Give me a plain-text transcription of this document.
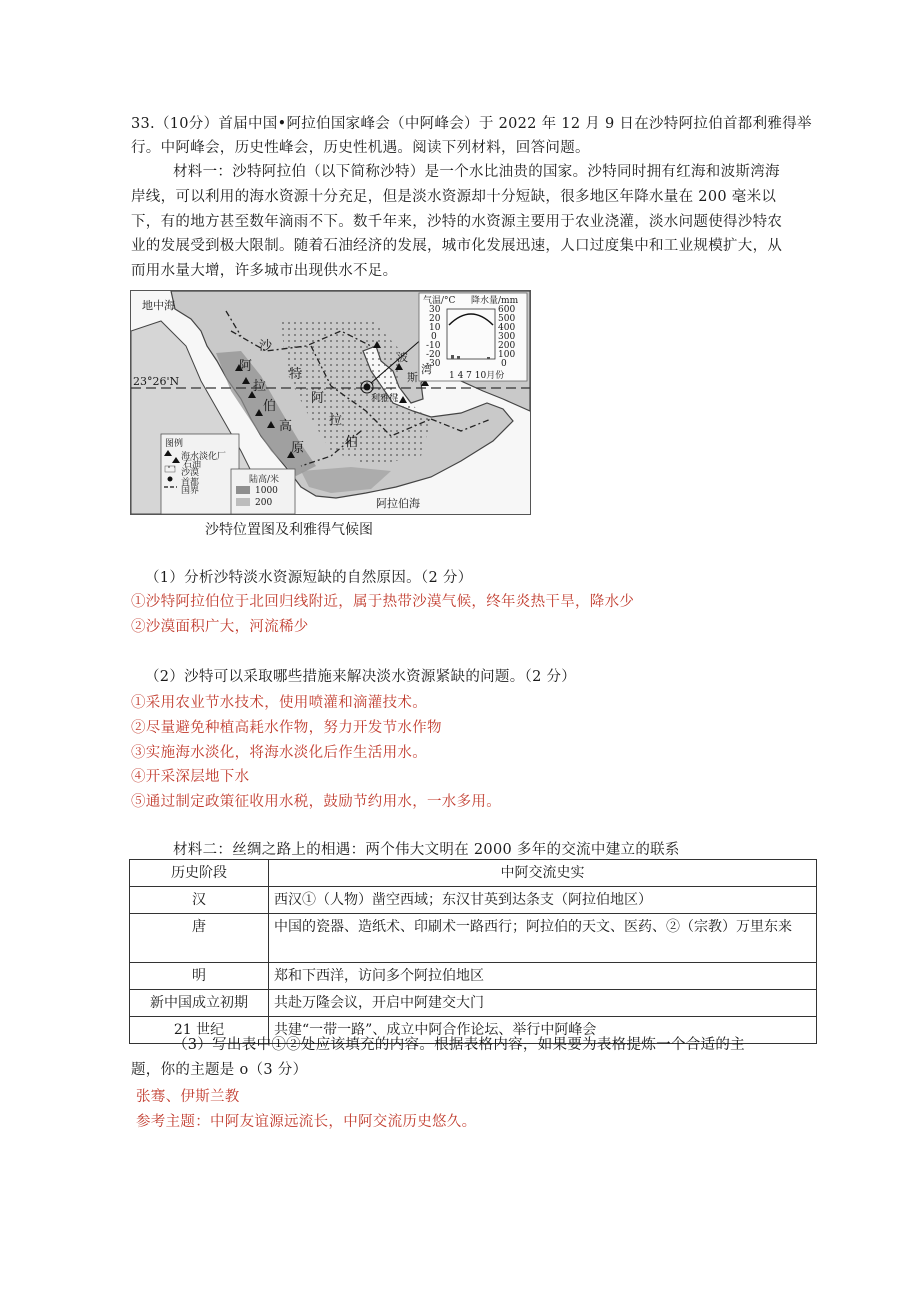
33.（10分）首届中国•阿拉伯国家峰会（中阿峰会）于 2022 年 12 月 9 日在沙特阿拉伯首都利雅得举
行。中阿峰会，历史性峰会，历史性机遇。阅读下列材料，回答问题。
材料一：沙特阿拉伯（以下简称沙特）是一个水比油贵的国家。沙特同时拥有红海和波斯湾海
岸线，可以利用的海水资源十分充足，但是淡水资源却十分短缺，很多地区年降水量在 200 毫米以
下，有的地方甚至数年滴雨不下。数千年来，沙特的水资源主要用于农业浇灌，淡水问题使得沙特农
业的发展受到极大限制。随着石油经济的发展，城市化发展迅速，人口过度集中和工业规模扩大，从
而用水量大增，许多城市出现供水不足。
地中海
23°26'N
阿拉伯海
沙
特
阿
拉
伯
阿
拉
伯
高
原
波
斯
湾
利雅得
气温/°C 降水量/mm
30
20
10
0
-10
-20
-30
600
500
400
300
200
100
0
1 4 7 10月份
图例
海水淡化厂
石油
沙漠
首都
国界
陆高/米
1000
200
沙特位置图及利雅得气候图
（1）分析沙特淡水资源短缺的自然原因。（2 分）
①沙特阿拉伯位于北回归线附近，属于热带沙漠气候，终年炎热干旱，降水少
②沙漠面积广大，河流稀少
（2）沙特可以采取哪些措施来解决淡水资源紧缺的问题。（2 分）
①采用农业节水技术，使用喷灌和滴灌技术。
②尽量避免种植高耗水作物，努力开发节水作物
③实施海水淡化，将海水淡化后作生活用水。
④开采深层地下水
⑤通过制定政策征收用水税，鼓励节约用水，一水多用。
材料二：丝绸之路上的相遇：两个伟大文明在 2000 多年的交流中建立的联系
历史阶段	中阿交流史实
汉	西汉①（人物）凿空西域；东汉甘英到达条支（阿拉伯地区）
唐	中国的瓷器、造纸术、印刷术一路西行；阿拉伯的天文、医药、②（宗教）万里东来
明	郑和下西洋，访问多个阿拉伯地区
新中国成立初期	共赴万隆会议，开启中阿建交大门
21 世纪	共建“一带一路”、成立中阿合作论坛、举行中阿峰会
（3）写出表中①②处应该填充的内容。根据表格内容，如果要为表格提炼一个合适的主
题，你的主题是 o（3 分）
张骞、伊斯兰教
参考主题：中阿友谊源远流长，中阿交流历史悠久。
